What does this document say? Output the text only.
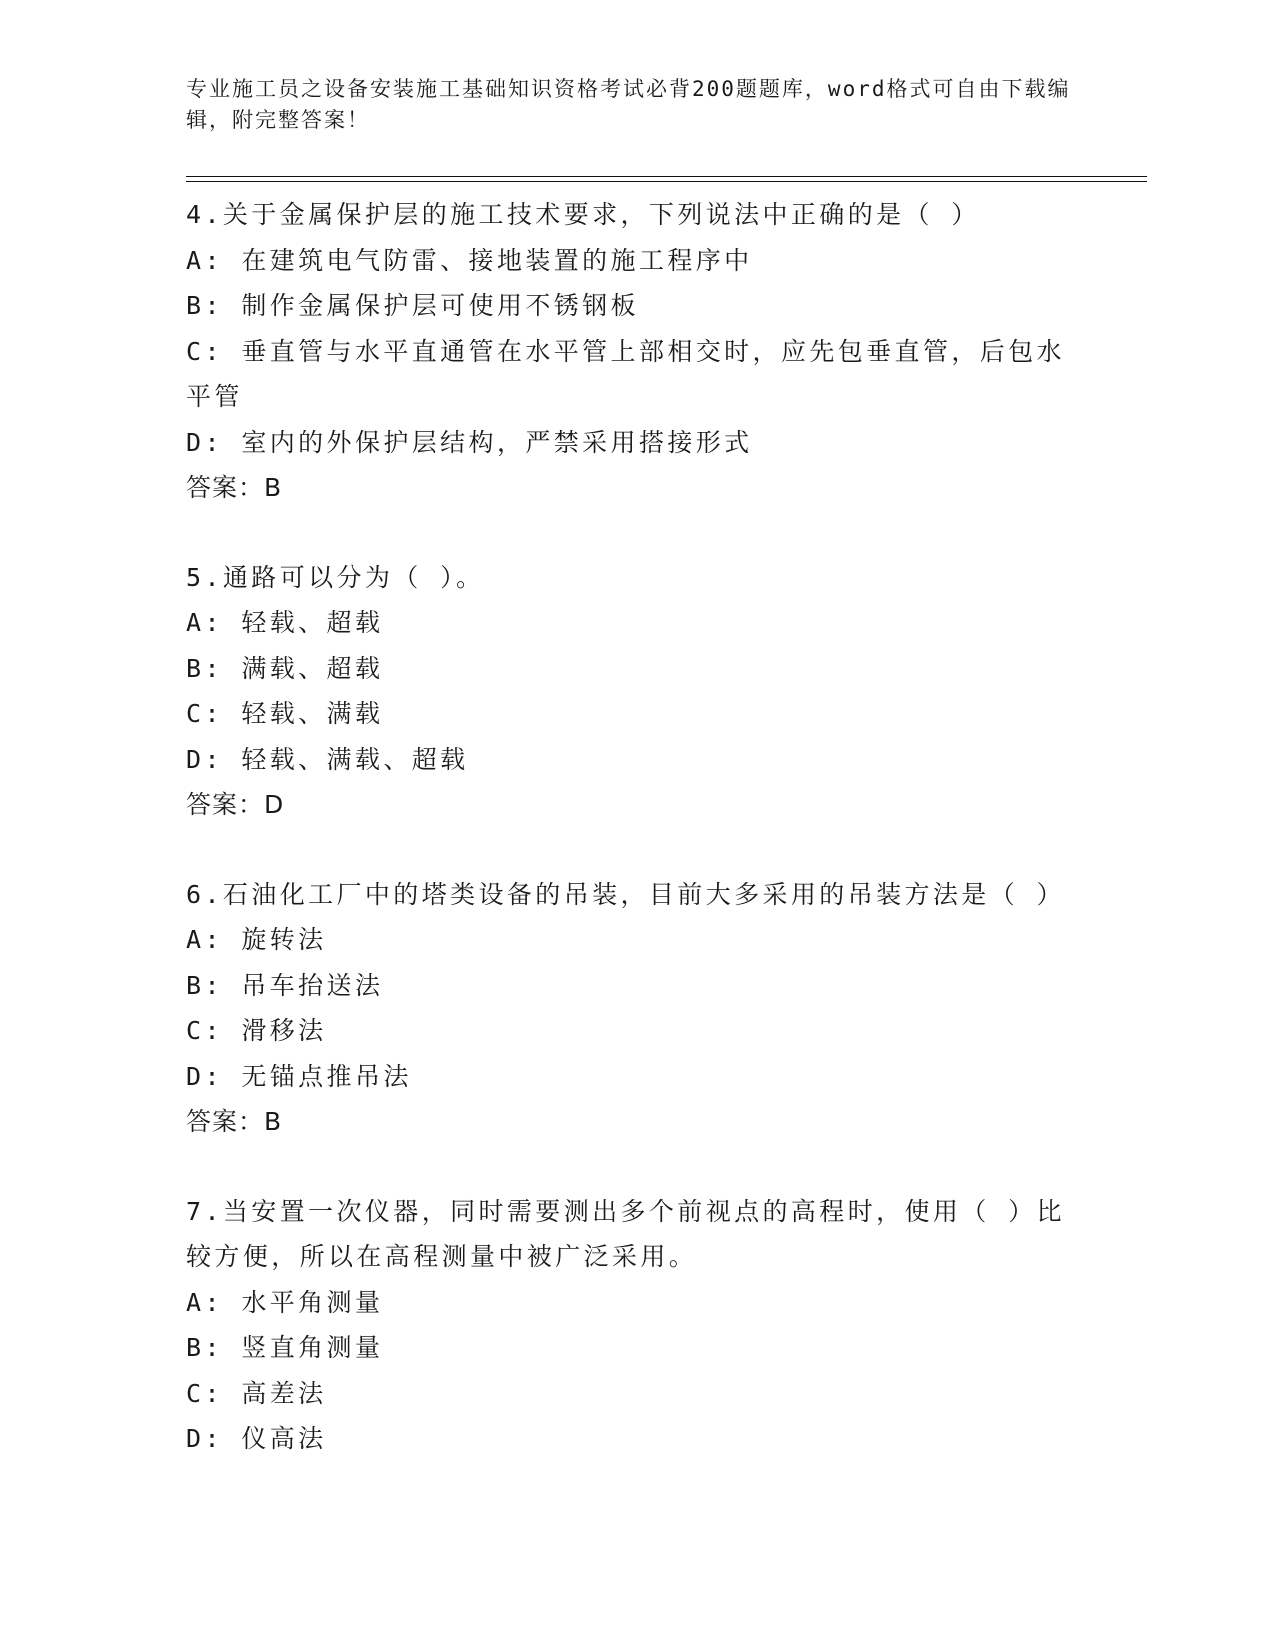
专业施工员之设备安装施工基础知识资格考试必背200题题库，word格式可自由下载编辑，附完整答案！
4.关于金属保护层的施工技术要求，下列说法中正确的是（ ）
A: 在建筑电气防雷、接地装置的施工程序中
B: 制作金属保护层可使用不锈钢板
C: 垂直管与水平直通管在水平管上部相交时，应先包垂直管，后包水平管
D: 室内的外保护层结构，严禁采用搭接形式
答案：B
5.通路可以分为（ ）。
A: 轻载、超载
B: 满载、超载
C: 轻载、满载
D: 轻载、满载、超载
答案：D
6.石油化工厂中的塔类设备的吊装，目前大多采用的吊装方法是（ ）
A: 旋转法
B: 吊车抬送法
C: 滑移法
D: 无锚点推吊法
答案：B
7.当安置一次仪器，同时需要测出多个前视点的高程时，使用（ ）比较方便，所以在高程测量中被广泛采用。
A: 水平角测量
B: 竖直角测量
C: 高差法
D: 仪高法
